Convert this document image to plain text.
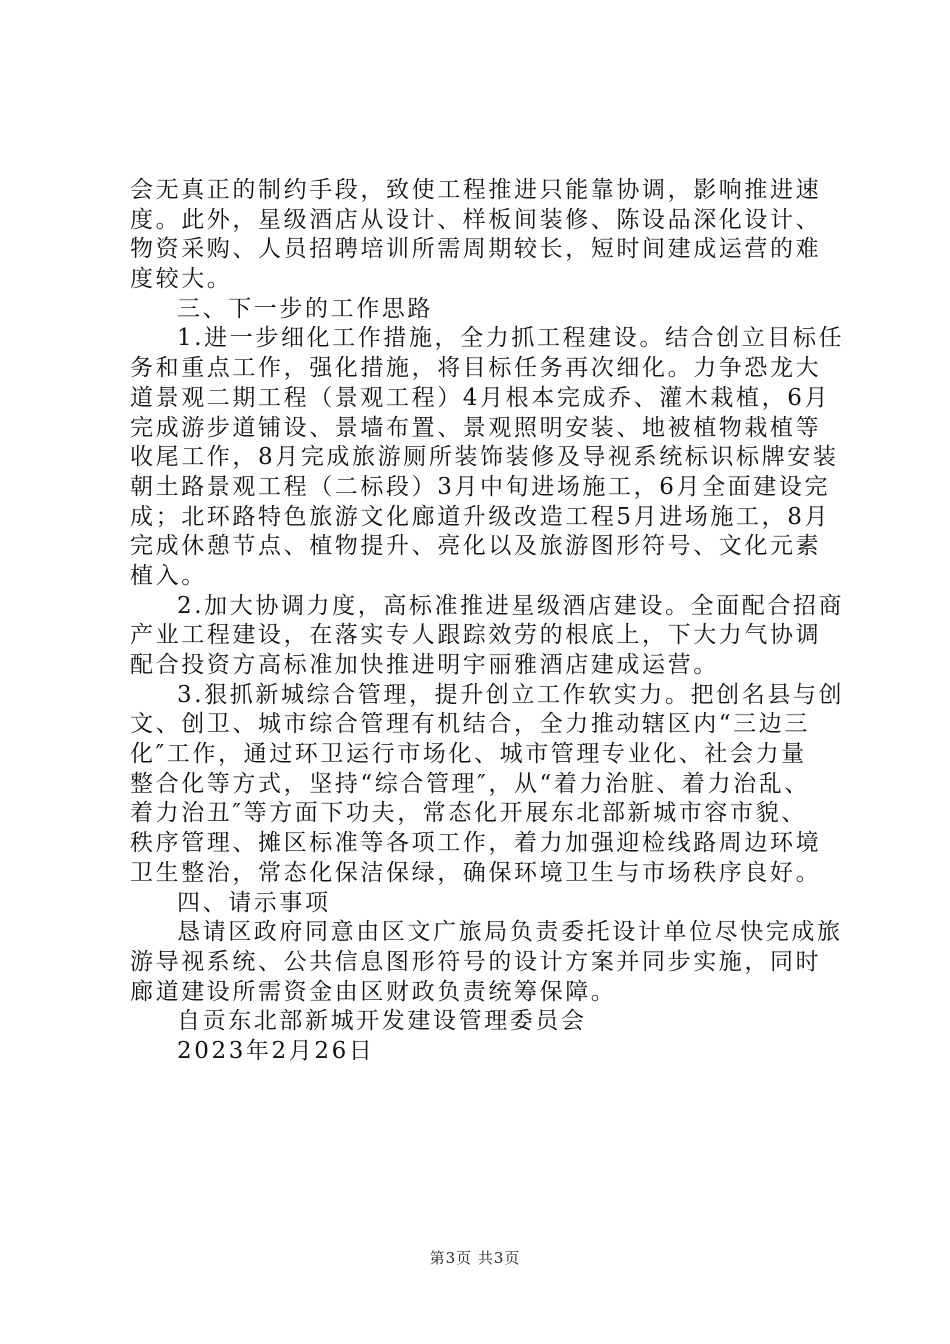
会无真正的制约手段，致使工程推进只能靠协调，影响推进速
度。此外，星级酒店从设计、样板间装修、陈设品深化设计、
物资采购、人员招聘培训所需周期较长，短时间建成运营的难
度较大。
三、下一步的工作思路
1.进一步细化工作措施，全力抓工程建设。结合创立目标任
务和重点工作，强化措施，将目标任务再次细化。力争恐龙大
道景观二期工程（景观工程）4月根本完成乔、灌木栽植，6月
完成游步道铺设、景墙布置、景观照明安装、地被植物栽植等
收尾工作，8月完成旅游厕所装饰装修及导视系统标识标牌安装
朝土路景观工程（二标段）3月中旬进场施工，6月全面建设完
成；北环路特色旅游文化廊道升级改造工程5月进场施工，8月
完成休憩节点、植物提升、亮化以及旅游图形符号、文化元素
植入。
2.加大协调力度，高标准推进星级酒店建设。全面配合招商
产业工程建设，在落实专人跟踪效劳的根底上，下大力气协调
配合投资方高标准加快推进明宇丽雅酒店建成运营。
3.狠抓新城综合管理，提升创立工作软实力。把创名县与创
文、创卫、城市综合管理有机结合，全力推动辖区内“三边三
化″工作，通过环卫运行市场化、城市管理专业化、社会力量
整合化等方式，坚持“综合管理″，从“着力治脏、着力治乱、
着力治丑″等方面下功夫，常态化开展东北部新城市容市貌、
秩序管理、摊区标准等各项工作，着力加强迎检线路周边环境
卫生整治，常态化保洁保绿，确保环境卫生与市场秩序良好。
四、请示事项
恳请区政府同意由区文广旅局负责委托设计单位尽快完成旅
游导视系统、公共信息图形符号的设计方案并同步实施，同时
廊道建设所需资金由区财政负责统筹保障。
自贡东北部新城开发建设管理委员会
2023年2月26日
第3页 共3页
